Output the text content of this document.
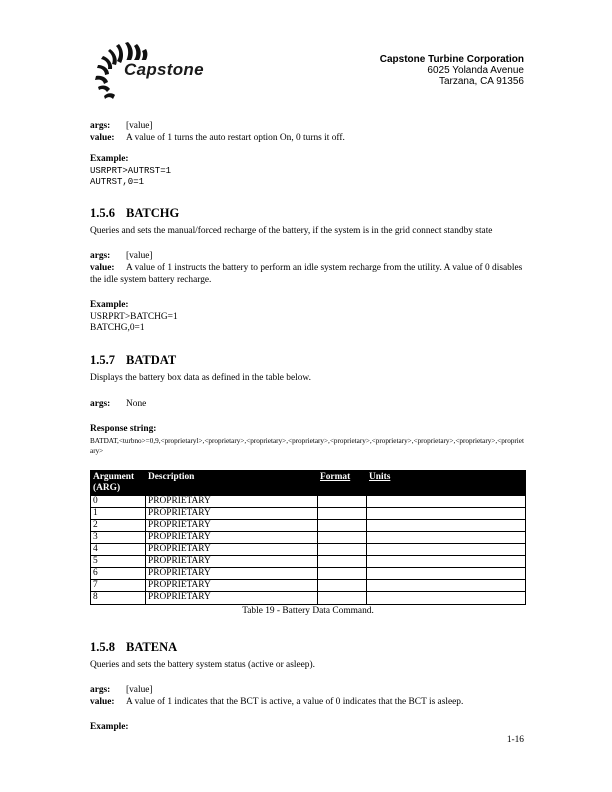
Capstone
Capstone Turbine Corporation
6025 Yolanda Avenue
Tarzana, CA 91356
args:	[value]
value:	A value of 1 turns the auto restart option On, 0 turns it off.
Example:
USRPRT>AUTRST=1
AUTRST,0=1
1.5.6 BATCHG
Queries and sets the manual/forced recharge of the battery, if the system is in the grid connect standby state
args:	[value]
value: A value of 1 instructs the battery to perform an idle system recharge from the utility. A value of 0 disables the idle system battery recharge.
Example:
USRPRT>BATCHG=1
BATCHG,0=1
1.5.7 BATDAT
Displays the battery box data as defined in the table below.
args:	None
Response string:
BATDAT,<turbno>=0,9,<proprietaryl>,<proprietary>,<proprietary>,<proprietary>,<proprietary>,<proprietary>,<proprietary>,<proprietary>,<proprietary>
Argument (ARG)	Description	Format	Units
0	PROPRIETARY		
1	PROPRIETARY		
2	PROPRIETARY		
3	PROPRIETARY		
4	PROPRIETARY		
5	PROPRIETARY		
6	PROPRIETARY		
7	PROPRIETARY		
8	PROPRIETARY		
Table 19 - Battery Data Command.
1.5.8 BATENA
Queries and sets the battery system status (active or asleep).
args:	[value]
value:	A value of 1 indicates that the BCT is active, a value of 0 indicates that the BCT is asleep.
Example:
1-16
